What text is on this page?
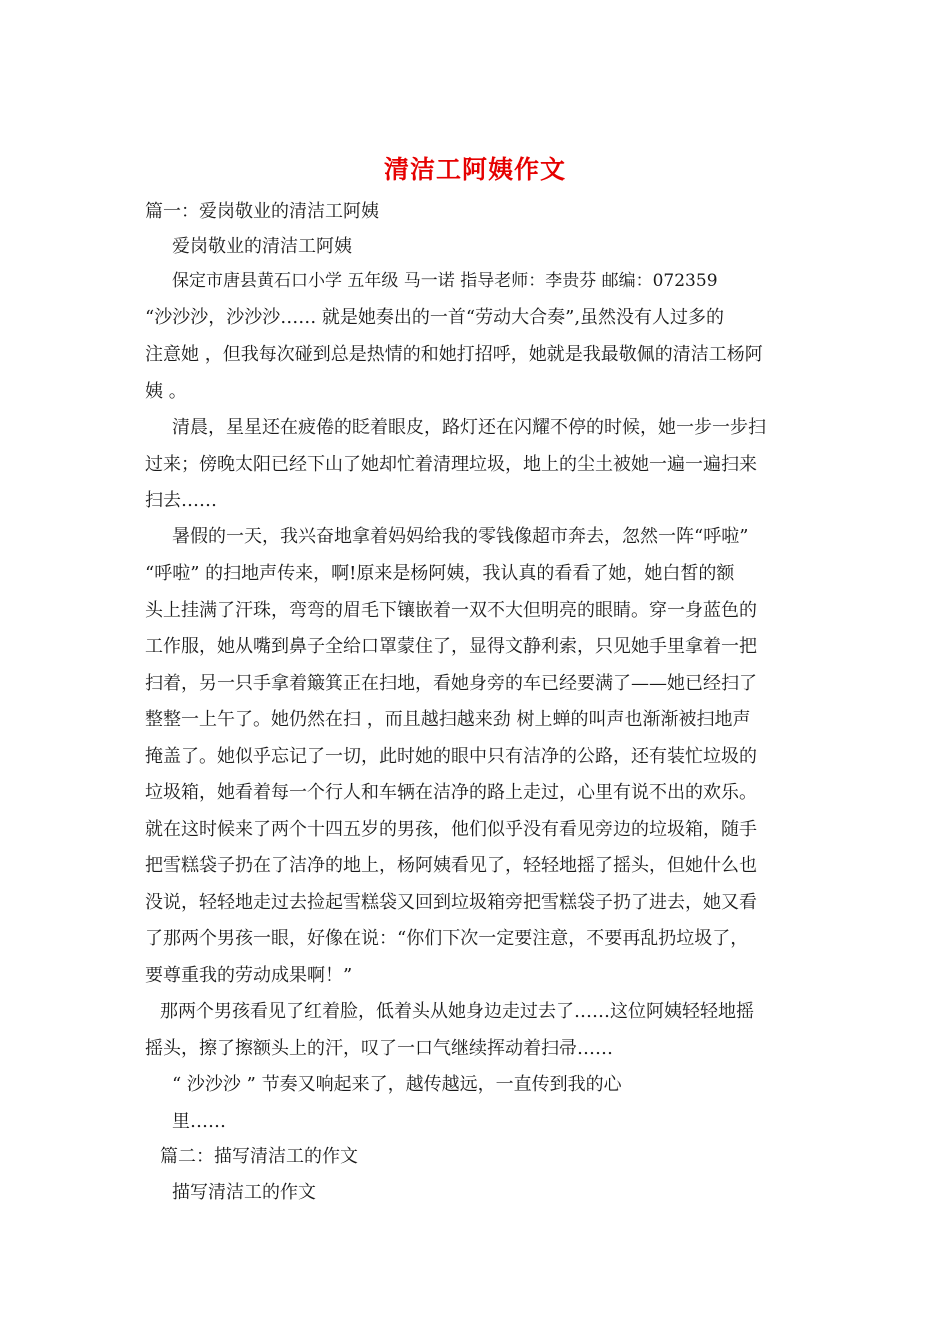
清洁工阿姨作文
篇一：爱岗敬业的清洁工阿姨
爱岗敬业的清洁工阿姨
保定市唐县黄石口小学 五年级 马一诺 指导老师：李贵芬 邮编：072359
“沙沙沙，沙沙沙…… 就是她奏出的一首“劳动大合奏”,虽然没有人过多的
注意她 ，但我每次碰到总是热情的和她打招呼，她就是我最敬佩的清洁工杨阿
姨 。
清晨，星星还在疲倦的眨着眼皮，路灯还在闪耀不停的时候，她一步一步扫
过来；傍晚太阳已经下山了她却忙着清理垃圾，地上的尘土被她一遍一遍扫来
扫去……
暑假的一天，我兴奋地拿着妈妈给我的零钱像超市奔去，忽然一阵“呼啦”
“呼啦” 的扫地声传来，啊!原来是杨阿姨，我认真的看看了她，她白皙的额
头上挂满了汗珠，弯弯的眉毛下镶嵌着一双不大但明亮的眼睛。穿一身蓝色的
工作服，她从嘴到鼻子全给口罩蒙住了，显得文静利索，只见她手里拿着一把
扫着，另一只手拿着簸箕正在扫地，看她身旁的车已经要满了——她已经扫了
整整一上午了。她仍然在扫 ，而且越扫越来劲 树上蝉的叫声也渐渐被扫地声
掩盖了。她似乎忘记了一切，此时她的眼中只有洁净的公路，还有装忙垃圾的
垃圾箱，她看着每一个行人和车辆在洁净的路上走过，心里有说不出的欢乐。
就在这时候来了两个十四五岁的男孩，他们似乎没有看见旁边的垃圾箱，随手
把雪糕袋子扔在了洁净的地上，杨阿姨看见了，轻轻地摇了摇头，但她什么也
没说，轻轻地走过去捡起雪糕袋又回到垃圾箱旁把雪糕袋子扔了进去，她又看
了那两个男孩一眼，好像在说：“你们下次一定要注意，不要再乱扔垃圾了，
要尊重我的劳动成果啊！”
那两个男孩看见了红着脸，低着头从她身边走过去了……这位阿姨轻轻地摇
摇头，擦了擦额头上的汗，叹了一口气继续挥动着扫帚……
“ 沙沙沙 ” 节奏又响起来了，越传越远，一直传到我的心
里……
篇二：描写清洁工的作文
描写清洁工的作文
